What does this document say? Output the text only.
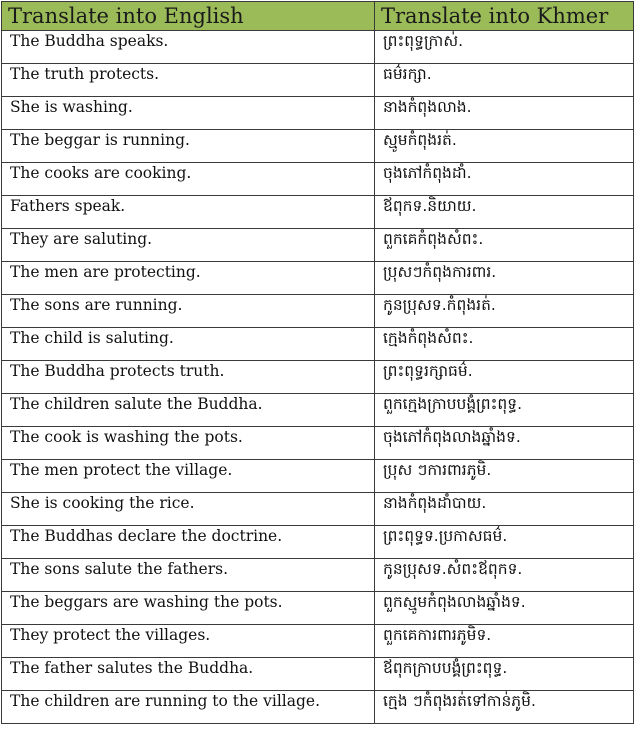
Translate into English	Translate into Khmer
The Buddha speaks.	ព្រះពុទ្ធក្រាស់.
The truth protects.	ធម៌រក្សា.
She is washing.	នាងកំពុងលាង.
The beggar is running.	ស្មូមកំពុងរត់.
The cooks are cooking.	ចុងភៅកំពុងដាំ.
Fathers speak.	ឪពុកទ.និយាយ.
They are saluting.	ពួកគេកំពុងសំពះ.
The men are protecting.	ប្រុសៗកំពុងការពារ.
The sons are running.	កូនប្រុសទ.កំពុងរត់.
The child is saluting.	ក្មេងកំពុងសំពះ.
The Buddha protects truth.	ព្រះពុទ្ធរក្សាធម៌.
The children salute the Buddha.	ពួកក្មេងក្រាបបង្គំព្រះពុទ្ធ.
The cook is washing the pots.	ចុងភៅកំពុងលាងឆ្នាំងទ.
The men protect the village.	ប្រុស ៗការពារភូមិ.
She is cooking the rice.	នាងកំពុងដាំបាយ.
The Buddhas declare the doctrine.	ព្រះពុទ្ធទ.ប្រកាសធម៌.
The sons salute the fathers.	កូនប្រុសទ.សំពះឪពុកទ.
The beggars are washing the pots.	ពួកស្មូមកំពុងលាងឆ្នាំងទ.
They protect the villages.	ពួកគេការពារភូមិទ.
The father salutes the Buddha.	ឪពុកក្រាបបង្គំព្រះពុទ្ធ.
The children are running to the village.	ក្មេង ៗកំពុងរត់ទៅកាន់ភូមិ.
